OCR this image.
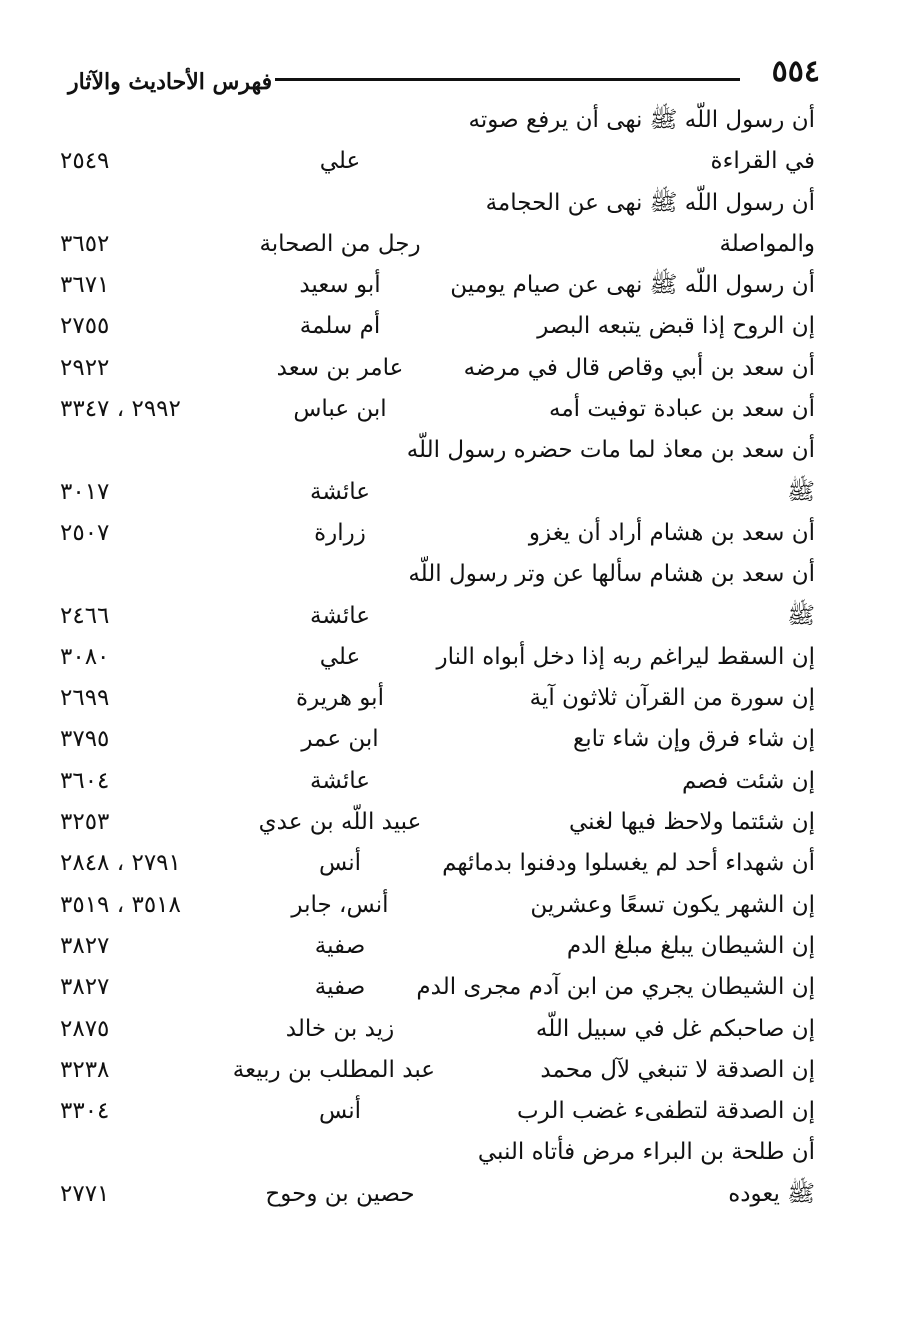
٥٥٤
فهرس الأحاديث والآثار
أن رسول اللّه ﷺ نهى أن يرفع صوته
في القراءة
علي
٢٥٤٩
أن رسول اللّه ﷺ نهى عن الحجامة
والمواصلة
رجل من الصحابة
٣٦٥٢
أن رسول اللّه ﷺ نهى عن صيام يومين
أبو سعيد
٣٦٧١
إن الروح إذا قبض يتبعه البصر
أم سلمة
٢٧٥٥
أن سعد بن أبي وقاص قال في مرضه
عامر بن سعد
٢٩٢٢
أن سعد بن عبادة توفيت أمه
ابن عباس
٢٩٩٢ ، ٣٣٤٧
أن سعد بن معاذ لما مات حضره رسول اللّه
ﷺ
عائشة
٣٠١٧
أن سعد بن هشام أراد أن يغزو
زرارة
٢٥٠٧
أن سعد بن هشام سألها عن وتر رسول اللّه
ﷺ
عائشة
٢٤٦٦
إن السقط ليراغم ربه إذا دخل أبواه النار
علي
٣٠٨٠
إن سورة من القرآن ثلاثون آية
أبو هريرة
٢٦٩٩
إن شاء فرق وإن شاء تابع
ابن عمر
٣٧٩٥
إن شئت فصم
عائشة
٣٦٠٤
إن شئتما ولاحظ فيها لغني
عبيد اللّه بن عدي
٣٢٥٣
أن شهداء أحد لم يغسلوا ودفنوا بدمائهم
أنس
٢٧٩١ ، ٢٨٤٨
إن الشهر يكون تسعًا وعشرين
أنس، جابر
٣٥١٨ ، ٣٥١٩
إن الشيطان يبلغ مبلغ الدم
صفية
٣٨٢٧
إن الشيطان يجري من ابن آدم مجرى الدم
صفية
٣٨٢٧
إن صاحبكم غل في سبيل اللّه
زيد بن خالد
٢٨٧٥
إن الصدقة لا تنبغي لآل محمد
عبد المطلب بن ربيعة
٣٢٣٨
إن الصدقة لتطفىء غضب الرب
أنس
٣٣٠٤
أن طلحة بن البراء مرض فأتاه النبي
ﷺ يعوده
حصين بن وحوح
٢٧٧١
